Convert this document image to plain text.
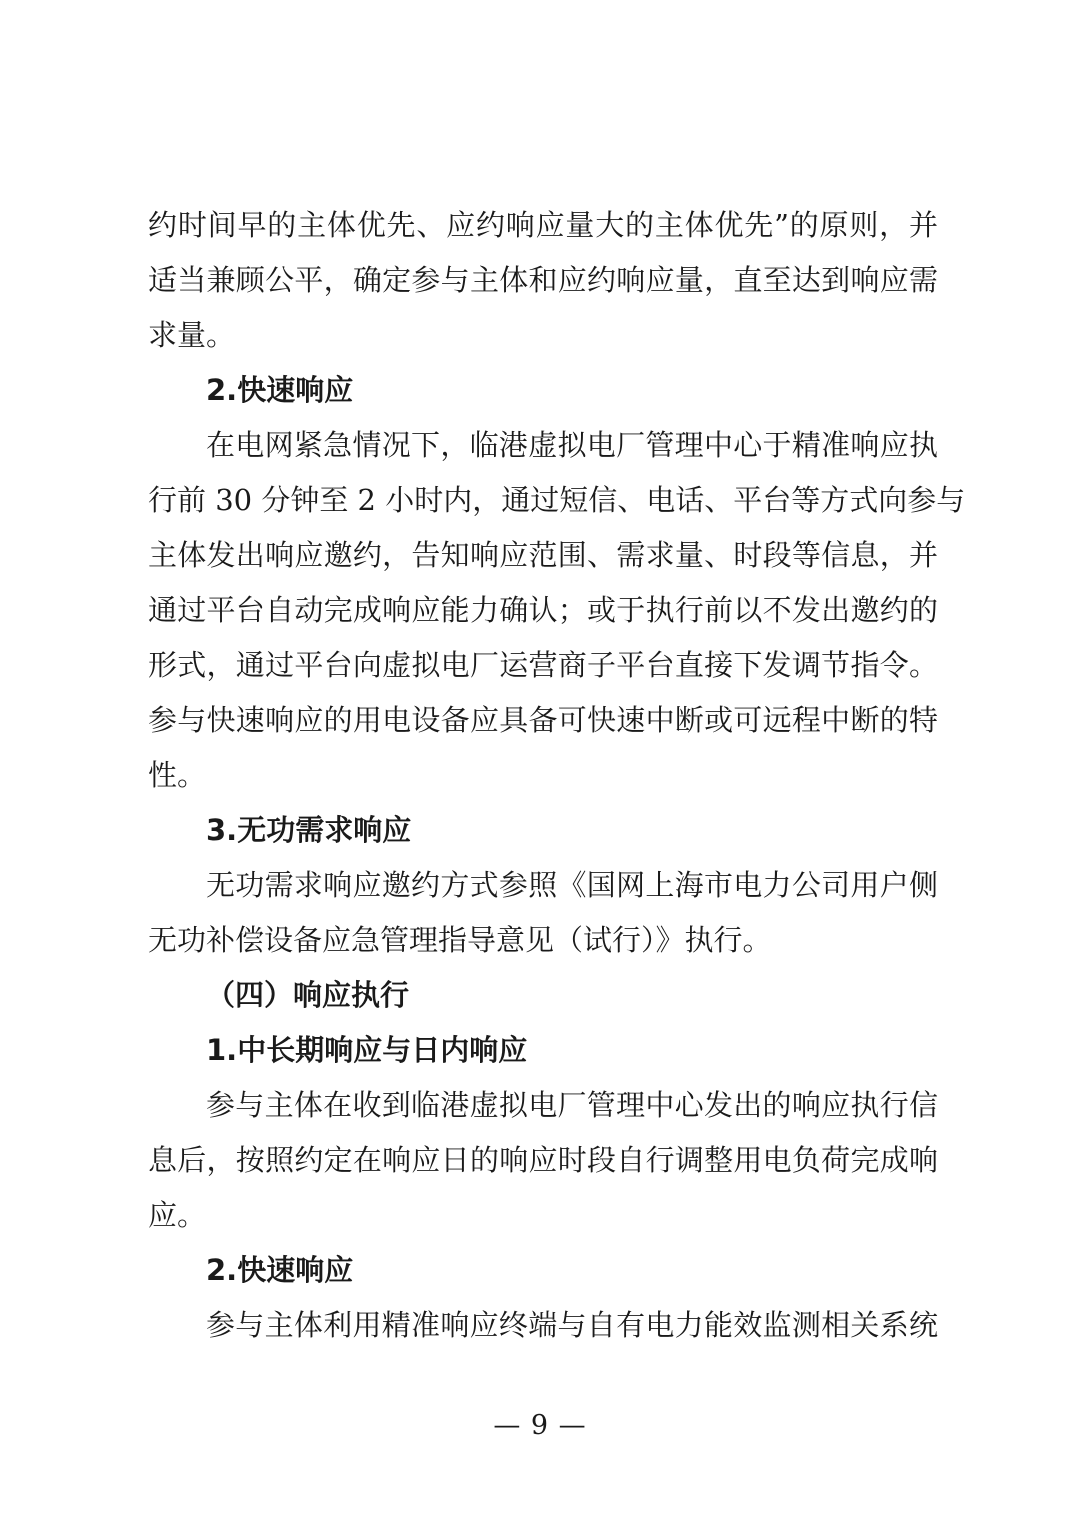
约时间早的主体优先、应约响应量大的主体优先”的原则，并
适当兼顾公平，确定参与主体和应约响应量，直至达到响应需
求量。
2.快速响应
在电网紧急情况下，临港虚拟电厂管理中心于精准响应执
行前 30 分钟至 2 小时内，通过短信、电话、平台等方式向参与
主体发出响应邀约，告知响应范围、需求量、时段等信息，并
通过平台自动完成响应能力确认；或于执行前以不发出邀约的
形式，通过平台向虚拟电厂运营商子平台直接下发调节指令。
参与快速响应的用电设备应具备可快速中断或可远程中断的特
性。
3.无功需求响应
无功需求响应邀约方式参照《国网上海市电力公司用户侧
无功补偿设备应急管理指导意见（试行）》执行。
（四）响应执行
1.中长期响应与日内响应
参与主体在收到临港虚拟电厂管理中心发出的响应执行信
息后，按照约定在响应日的响应时段自行调整用电负荷完成响
应。
2.快速响应
参与主体利用精准响应终端与自有电力能效监测相关系统
— 9 —
